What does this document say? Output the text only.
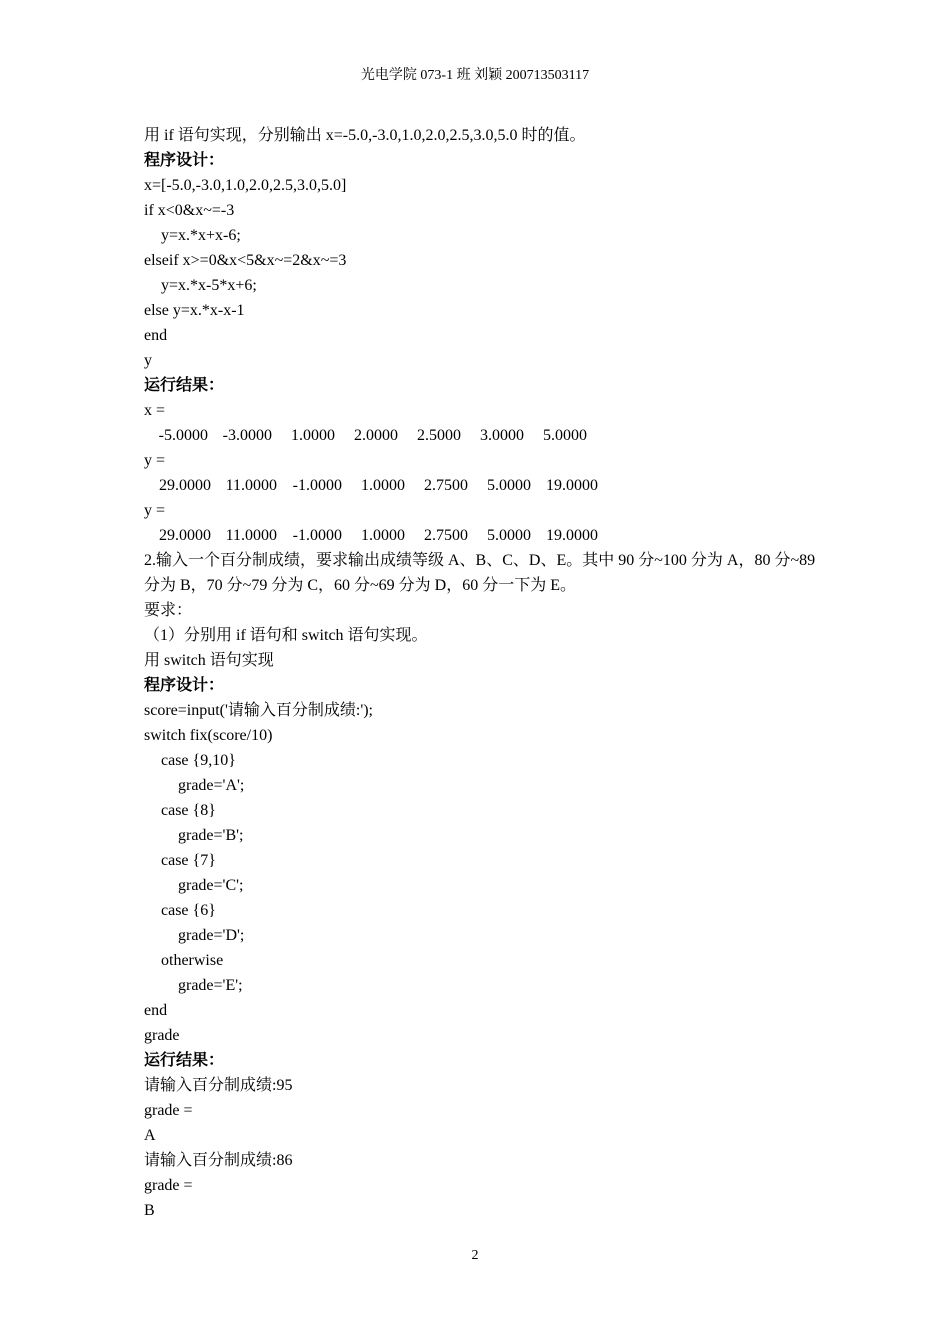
光电学院 073-1 班 刘颖 200713503117
用 if 语句实现，分别输出 x=-5.0,-3.0,1.0,2.0,2.5,3.0,5.0 时的值。
程序设计：
x=[-5.0,-3.0,1.0,2.0,2.5,3.0,5.0]
if x<0&x~=-3
y=x.*x+x-6;
elseif x>=0&x<5&x~=2&x~=3
y=x.*x-5*x+6;
else y=x.*x-x-1
end
y
运行结果：
x =
-5.0000 -3.0000	1.0000	2.0000	2.5000	3.0000	5.0000
y =
29.0000 11.0000 -1.0000	1.0000	2.7500	5.0000 19.0000
y =
29.0000 11.0000 -1.0000	1.0000	2.7500	5.0000 19.0000
2.输入一个百分制成绩，要求输出成绩等级 A、B、C、D、E。其中 90 分~100 分为 A，80 分~89
分为 B，70 分~79 分为 C，60 分~69 分为 D，60 分一下为 E。
要求：
（1）分别用 if 语句和 switch 语句实现。
用 switch 语句实现
程序设计：
score=input('请输入百分制成绩:');
switch fix(score/10)
case {9,10}
grade='A';
case {8}
grade='B';
case {7}
grade='C';
case {6}
grade='D';
otherwise
grade='E';
end
grade
运行结果：
请输入百分制成绩:95
grade =
A
请输入百分制成绩:86
grade =
B
2
